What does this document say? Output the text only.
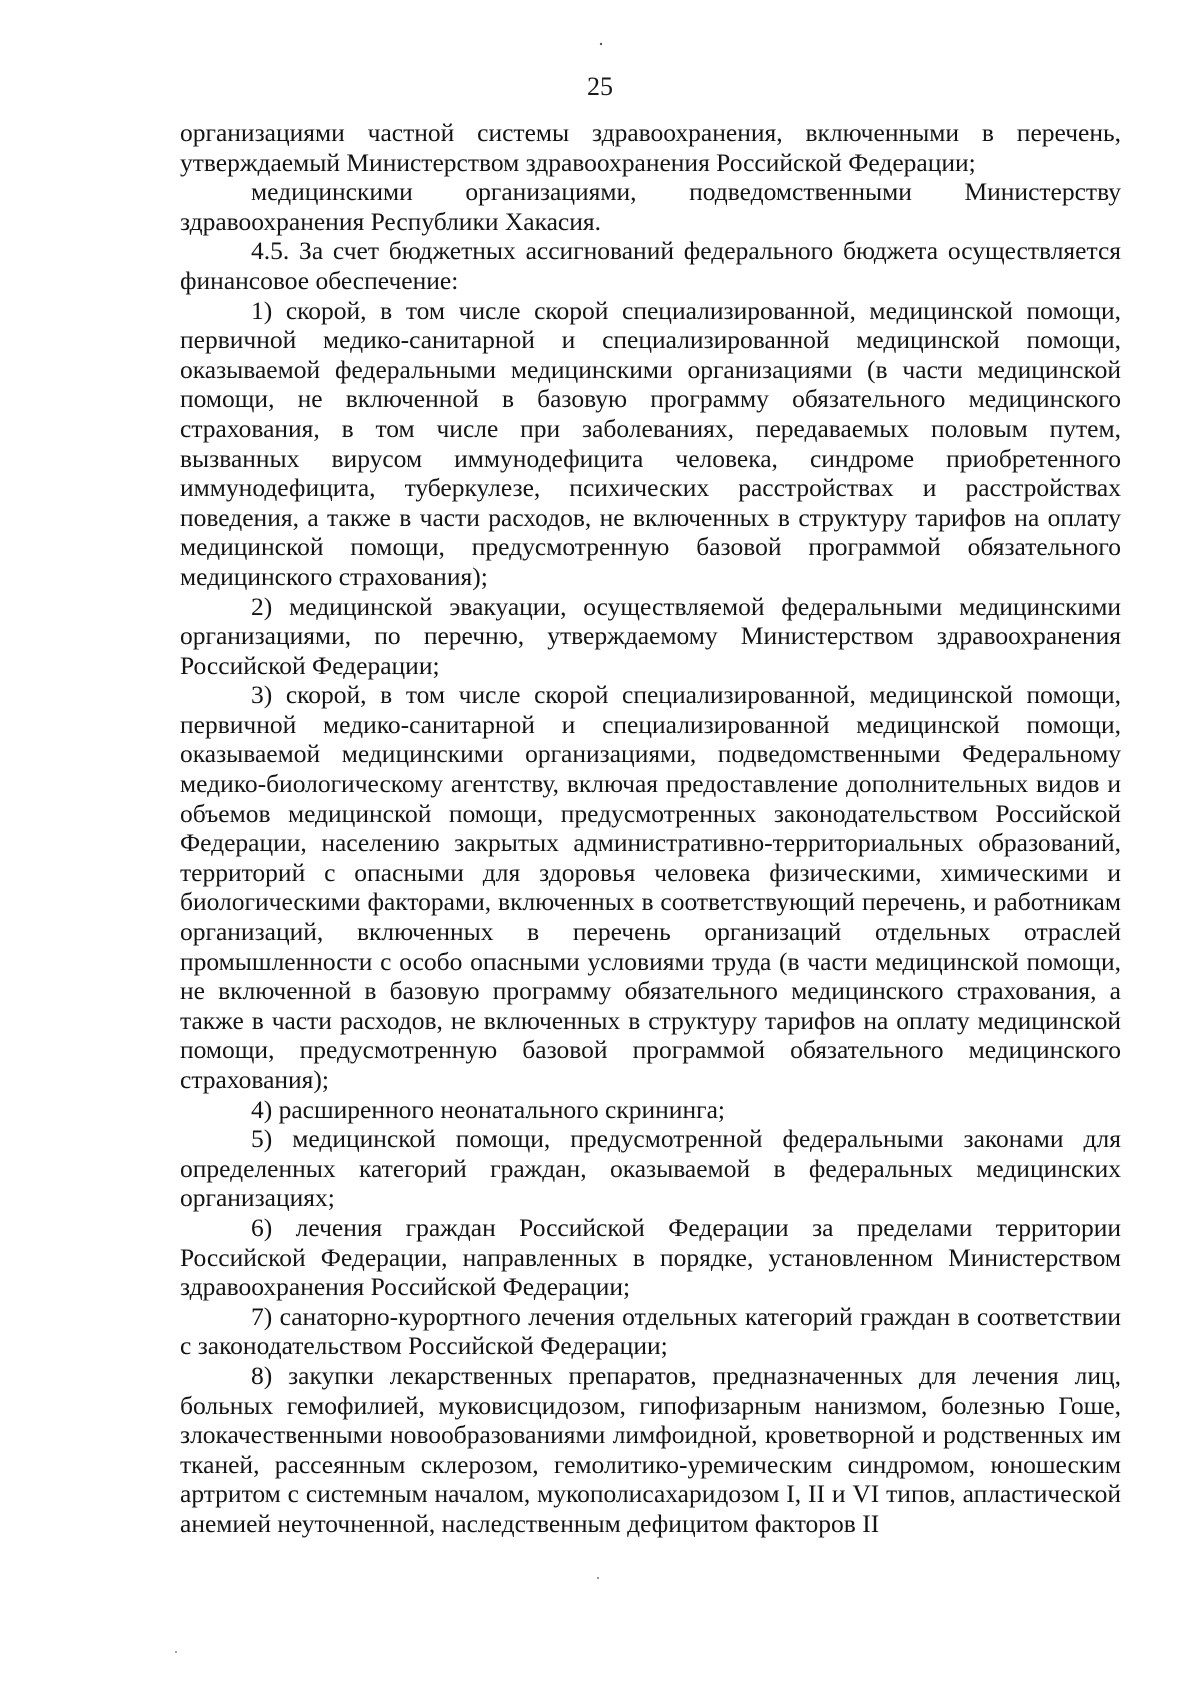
25

организациями частной системы здравоохранения, включенными в перечень, утверждаемый Министерством здравоохранения Российской Федерации;

медицинскими организациями, подведомственными Министерству здравоохранения Республики Хакасия.

4.5. За счет бюджетных ассигнований федерального бюджета осуществляется финансовое обеспечение:

1) скорой, в том числе скорой специализированной, медицинской помощи, первичной медико-санитарной и специализированной медицинской помощи, оказываемой федеральными медицинскими организациями (в части медицинской помощи, не включенной в базовую программу обязательного медицинского страхования, в том числе при заболеваниях, передаваемых половым путем, вызванных вирусом иммунодефицита человека, синдроме приобретенного иммунодефицита, туберкулезе, психических расстройствах и расстройствах поведения, а также в части расходов, не включенных в структуру тарифов на оплату медицинской помощи, предусмотренную базовой программой обязательного медицинского страхования);

2) медицинской эвакуации, осуществляемой федеральными медицинскими организациями, по перечню, утверждаемому Министерством здравоохранения Российской Федерации;

3) скорой, в том числе скорой специализированной, медицинской помощи, первичной медико-санитарной и специализированной медицинской помощи, оказываемой медицинскими организациями, подведомственными Федеральному медико-биологическому агентству, включая предоставление дополнительных видов и объемов медицинской помощи, предусмотренных законодательством Российской Федерации, населению закрытых административно-территориальных образований, территорий с опасными для здоровья человека физическими, химическими и биологическими факторами, включенных в соответствующий перечень, и работникам организаций, включенных в перечень организаций отдельных отраслей промышленности с особо опасными условиями труда (в части медицинской помощи, не включенной в базовую программу обязательного медицинского страхования, а также в части расходов, не включенных в структуру тарифов на оплату медицинской помощи, предусмотренную базовой программой обязательного медицинского страхования);

4) расширенного неонатального скрининга;

5) медицинской помощи, предусмотренной федеральными законами для определенных категорий граждан, оказываемой в федеральных медицинских организациях;

6) лечения граждан Российской Федерации за пределами территории Российской Федерации, направленных в порядке, установленном Министерством здравоохранения Российской Федерации;

7) санаторно-курортного лечения отдельных категорий граждан в соответствии с законодательством Российской Федерации;

8) закупки лекарственных препаратов, предназначенных для лечения лиц, больных гемофилией, муковисцидозом, гипофизарным нанизмом, болезнью Гоше, злокачественными новообразованиями лимфоидной, кроветворной и родственных им тканей, рассеянным склерозом, гемолитико-уремическим синдромом, юношеским артритом с системным началом, мукополисахаридозом I, II и VI типов, апластической анемией неуточненной, наследственным дефицитом факторов II
